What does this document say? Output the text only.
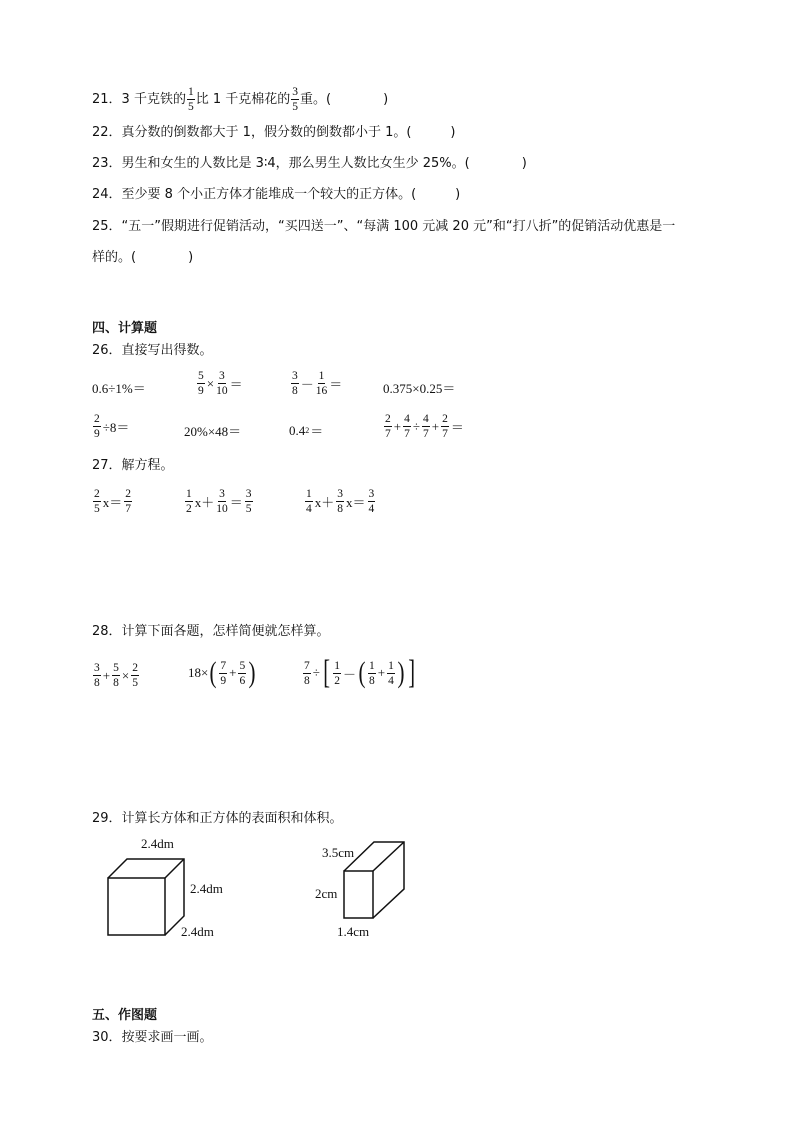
21．3 千克铁的 $\frac{1}{5}$ 比 1 千克棉花的 $\frac{3}{5}$ 重。(　　　　)
22．真分数的倒数都大于 1，假分数的倒数都小于 1。(　　　)
23．男生和女生的人数比是 3∶4，那么男生人数比女生少 25%。(　　　　)
24．至少要 8 个小正方体才能堆成一个较大的正方体。(　　　)
25．“五一”假期进行促销活动，“买四送一”、“每满 100 元减 20 元”和“打八折”的促销活动优惠是一
样的。(　　　　)
四、计算题
26．直接写出得数。
0.6÷1%＝	$\frac{5}{9} \times \frac{3}{10}$ ＝	$\frac{3}{8} - \frac{1}{16}$ ＝	0.375×0.25＝
$\frac{2}{9} \div 8=$	20%×48＝	0.4 2 ＝	$\frac{2}{7} + \frac{4}{7} \div \frac{4}{7} + \frac{2}{7}$ ＝
27．解方程。
$\frac{2}{5} x= \frac{2}{7}$	$\frac{1}{2} x+ \frac{3}{10} = \frac{3}{5}$	$\frac{1}{4} x+ \frac{3}{8} x= \frac{3}{4}$
28．计算下面各题，怎样简便就怎样算。
$\frac{3}{8} + \frac{5}{8} \times \frac{2}{5}$	18× ( $\frac{7}{9} + \frac{5}{6}$ )	$\frac{7}{8}$ ÷ [ $\frac{1}{2}$ － ( $\frac{1}{8} + \frac{1}{4}$ ) ]
29．计算长方体和正方体的表面积和体积。
2.4dm
2.4dm
2.4dm
3.5cm
2cm
1.4cm
五、作图题
30．按要求画一画。
